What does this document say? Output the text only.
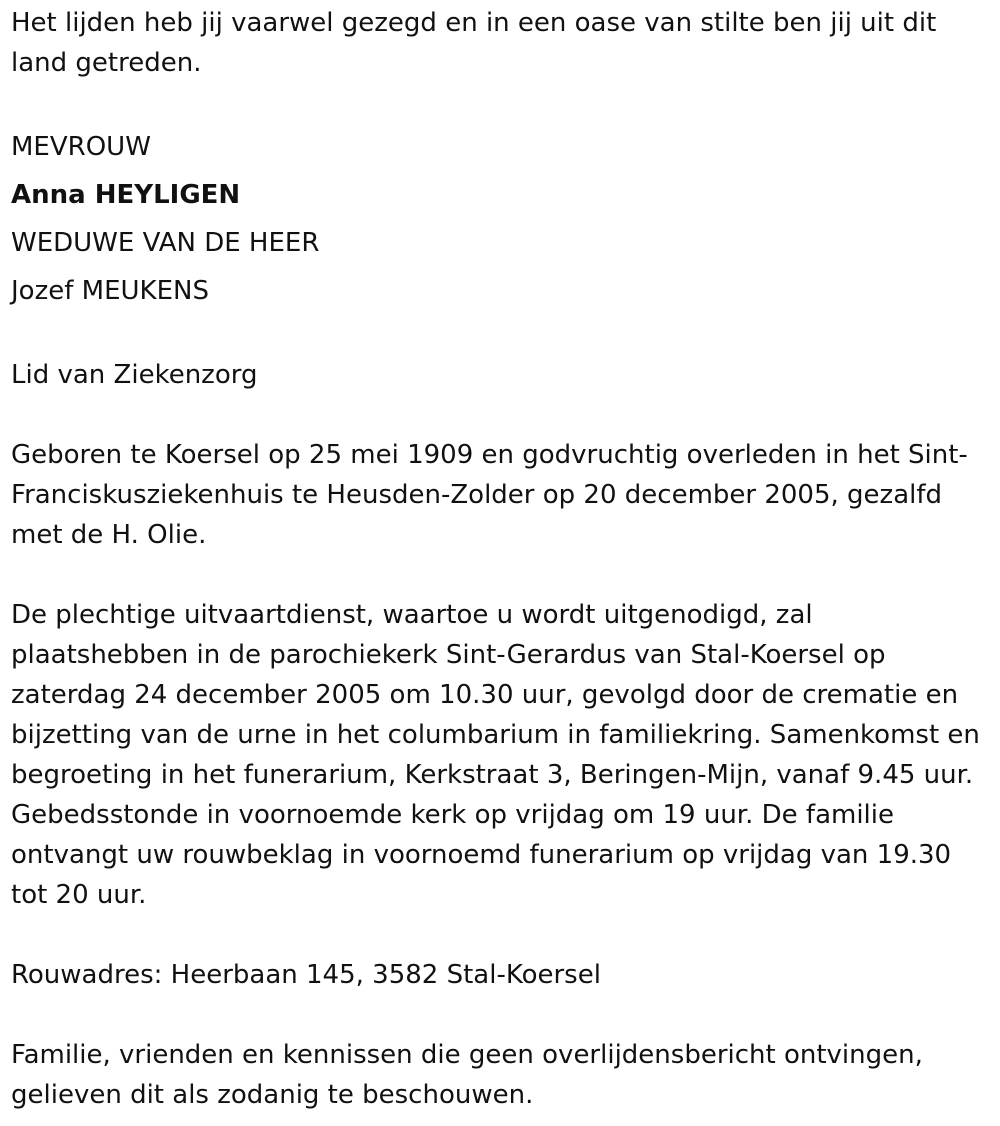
Het lijden heb jij vaarwel gezegd en in een oase van stilte ben jij uit dit land getreden.

MEVROUW

Anna HEYLIGEN

WEDUWE VAN DE HEER

Jozef MEUKENS

Lid van Ziekenzorg

Geboren te Koersel op 25 mei 1909 en godvruchtig overleden in het Sint-Franciskusziekenhuis te Heusden-Zolder op 20 december 2005, gezalfd met de H. Olie.

De plechtige uitvaartdienst, waartoe u wordt uitgenodigd, zal plaatshebben in de parochiekerk Sint-Gerardus van Stal-Koersel op zaterdag 24 december 2005 om 10.30 uur, gevolgd door de crematie en bijzetting van de urne in het columbarium in familiekring. Samenkomst en begroeting in het funerarium, Kerkstraat 3, Beringen-Mijn, vanaf 9.45 uur. Gebedsstonde in voornoemde kerk op vrijdag om 19 uur. De familie ontvangt uw rouwbeklag in voornoemd funerarium op vrijdag van 19.30 tot 20 uur.

Rouwadres: Heerbaan 145, 3582 Stal-Koersel

Familie, vrienden en kennissen die geen overlijdensbericht ontvingen, gelieven dit als zodanig te beschouwen.
